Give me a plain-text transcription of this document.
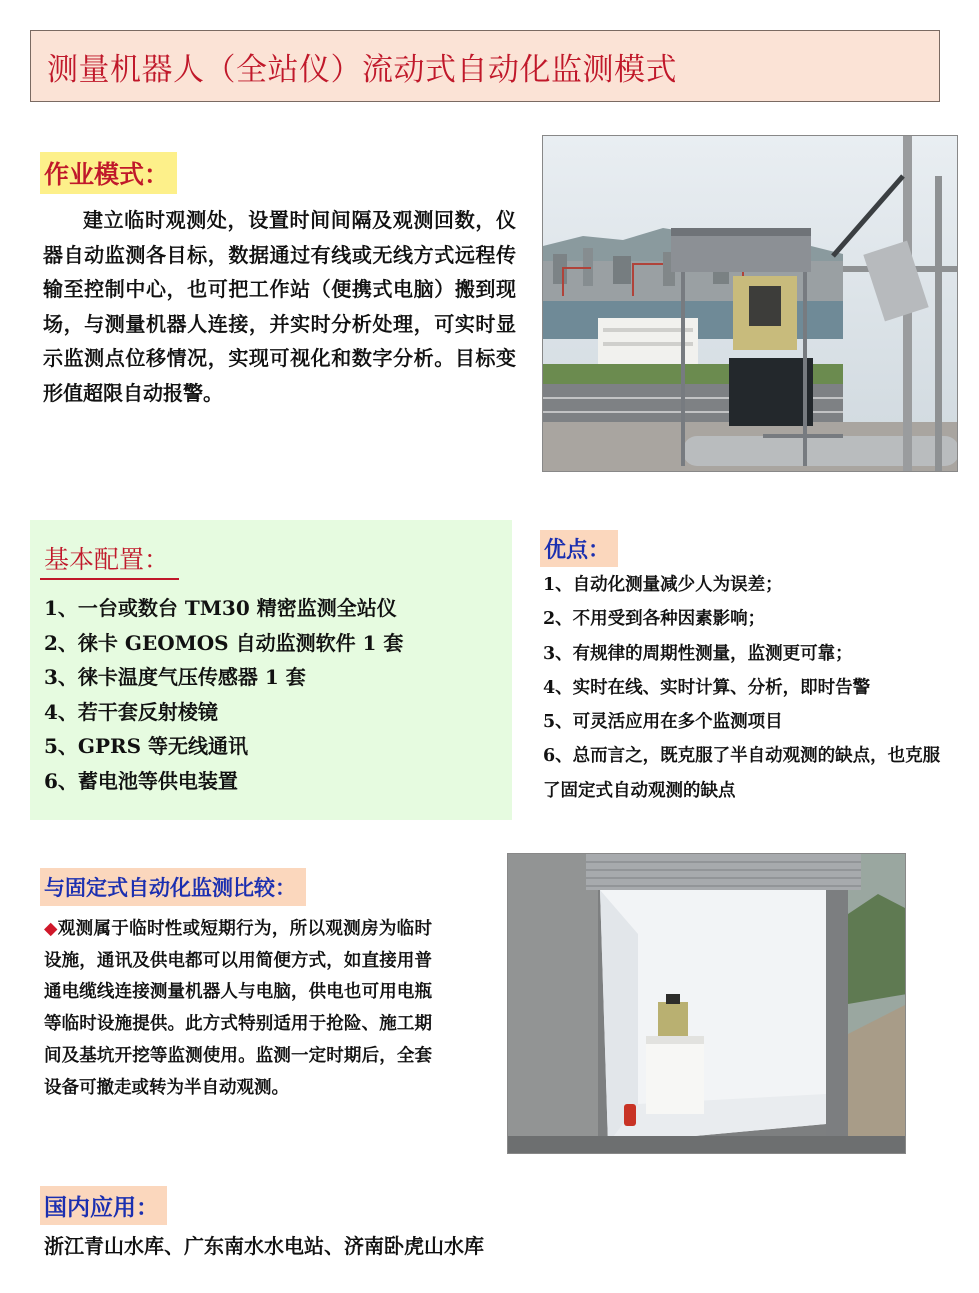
测量机器人（全站仪）流动式自动化监测模式
作业模式：
建立临时观测处，设置时间间隔及观测回数，仪器自动监测各目标，数据通过有线或无线方式远程传输至控制中心，也可把工作站（便携式电脑）搬到现场，与测量机器人连接，并实时分析处理，可实时显示监测点位移情况，实现可视化和数字分析。目标变形值超限自动报警。
基本配置：
1、一台或数台 TM30 精密监测全站仪
2、徕卡 GEOMOS 自动监测软件 1 套
3、徕卡温度气压传感器 1 套
4、若干套反射棱镜
5、GPRS 等无线通讯
6、蓄电池等供电装置
优点：
1、自动化测量减少人为误差；
2、不用受到各种因素影响；
3、有规律的周期性测量，监测更可靠；
4、实时在线、实时计算、分析，即时告警
5、可灵活应用在多个监测项目
6、总而言之，既克服了半自动观测的缺点，也克服了固定式自动观测的缺点
与固定式自动化监测比较：
◆观测属于临时性或短期行为，所以观测房为临时设施，通讯及供电都可以用简便方式，如直接用普通电缆线连接测量机器人与电脑，供电也可用电瓶等临时设施提供。此方式特别适用于抢险、施工期间及基坑开挖等监测使用。监测一定时期后，全套设备可撤走或转为半自动观测。
国内应用：
浙江青山水库、广东南水水电站、济南卧虎山水库
